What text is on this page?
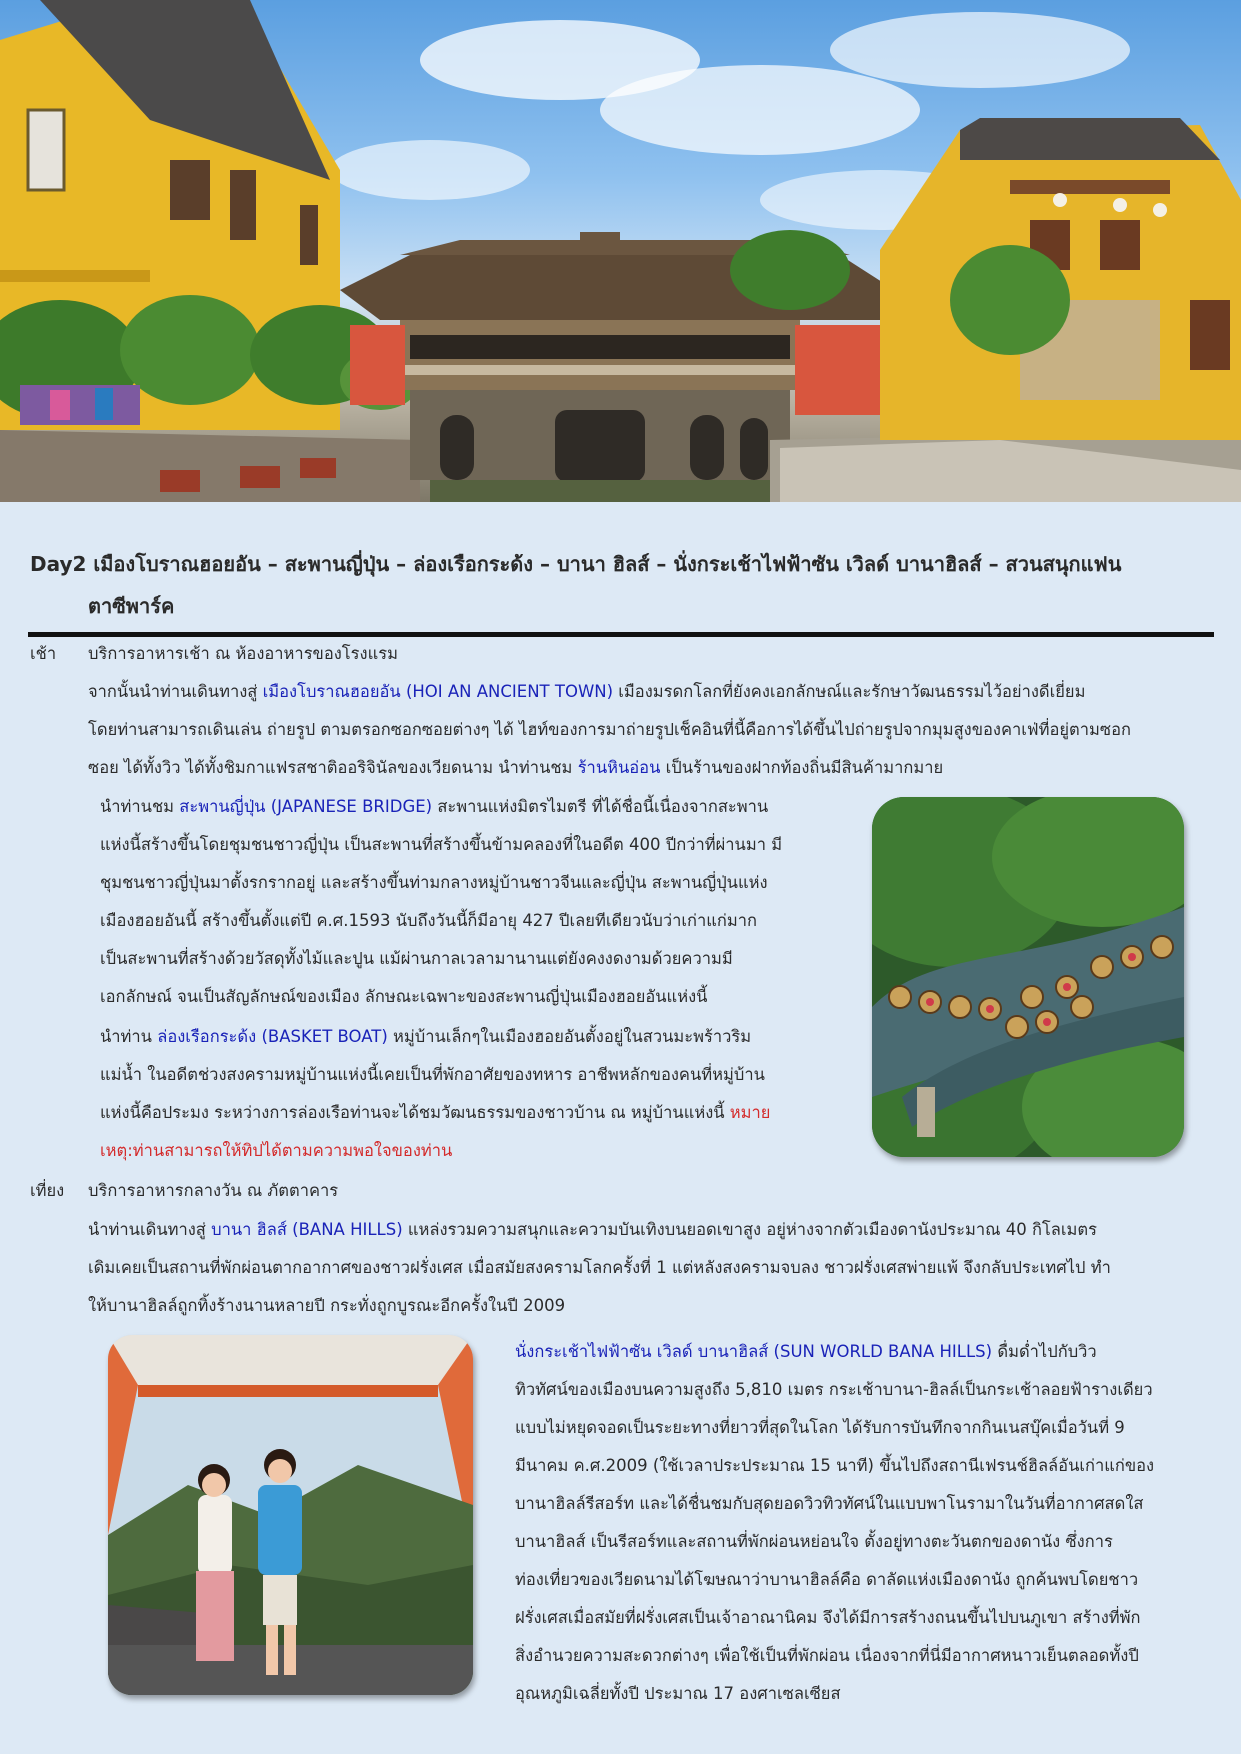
Day2 เมืองโบราณฮอยอัน – สะพานญี่ปุ่น – ล่องเรือกระด้ง – บานา ฮิลส์ – นั่งกระเช้าไฟฟ้าซัน เวิลด์ บานาฮิลส์ – สวนสนุกแฟน
ตาซีพาร์ค
เช้า บริการอาหารเช้า ณ ห้องอาหารของโรงแรม
จากนั้นนำท่านเดินทางสู่ เมืองโบราณฮอยอัน (HOI AN ANCIENT TOWN) เมืองมรดกโลกที่ยังคงเอกลักษณ์และรักษาวัฒนธรรมไว้อย่างดีเยี่ยม
โดยท่านสามารถเดินเล่น ถ่ายรูป ตามตรอกซอกซอยต่างๆ ได้ ไฮท์ของการมาถ่ายรูปเช็คอินที่นี้คือการได้ขึ้นไปถ่ายรูปจากมุมสูงของคาเฟ่ที่อยู่ตามซอก
ซอย ได้ทั้งวิว ได้ทั้งชิมกาแฟรสชาติออริจินัลของเวียดนาม นำท่านชม ร้านหินอ่อน เป็นร้านของฝากท้องถิ่นมีสินค้ามากมาย
นำท่านชม สะพานญี่ปุ่น (JAPANESE BRIDGE) สะพานแห่งมิตรไมตรี ที่ได้ชื่อนี้เนื่องจากสะพาน
แห่งนี้สร้างขึ้นโดยชุมชนชาวญี่ปุ่น เป็นสะพานที่สร้างขึ้นข้ามคลองที่ในอดีต 400 ปีกว่าที่ผ่านมา มี
ชุมชนชาวญี่ปุ่นมาตั้งรกรากอยู่ และสร้างขึ้นท่ามกลางหมู่บ้านชาวจีนและญี่ปุ่น สะพานญี่ปุ่นแห่ง
เมืองฮอยอันนี้ สร้างขึ้นตั้งแต่ปี ค.ศ.1593 นับถึงวันนี้ก็มีอายุ 427 ปีเลยทีเดียวนับว่าเก่าแก่มาก
เป็นสะพานที่สร้างด้วยวัสดุทั้งไม้และปูน แม้ผ่านกาลเวลามานานแต่ยังคงงดงามด้วยความมี
เอกลักษณ์ จนเป็นสัญลักษณ์ของเมือง ลักษณะเฉพาะของสะพานญี่ปุ่นเมืองฮอยอันแห่งนี้
นำท่าน ล่องเรือกระด้ง (BASKET BOAT) หมู่บ้านเล็กๆในเมืองฮอยอันตั้งอยู่ในสวนมะพร้าวริม
แม่น้ำ ในอดีตช่วงสงครามหมู่บ้านแห่งนี้เคยเป็นที่พักอาศัยของทหาร อาชีพหลักของคนที่หมู่บ้าน
แห่งนี้คือประมง ระหว่างการล่องเรือท่านจะได้ชมวัฒนธรรมของชาวบ้าน ณ หมู่บ้านแห่งนี้ หมาย
เหตุ:ท่านสามารถให้ทิปได้ตามความพอใจของท่าน
เที่ยง บริการอาหารกลางวัน ณ ภัตตาคาร
นำท่านเดินทางสู่ บานา ฮิลส์ (BANA HILLS) แหล่งรวมความสนุกและความบันเทิงบนยอดเขาสูง อยู่ห่างจากตัวเมืองดานังประมาณ 40 กิโลเมตร
เดิมเคยเป็นสถานที่พักผ่อนตากอากาศของชาวฝรั่งเศส เมื่อสมัยสงครามโลกครั้งที่ 1 แต่หลังสงครามจบลง ชาวฝรั่งเศสพ่ายแพ้ จึงกลับประเทศไป ทำ
ให้บานาฮิลล์ถูกทิ้งร้างนานหลายปี กระทั่งถูกบูรณะอีกครั้งในปี 2009
นั่งกระเช้าไฟฟ้าซัน เวิลด์ บานาฮิลส์ (SUN WORLD BANA HILLS) ดื่มด่ำไปกับวิว
ทิวทัศน์ของเมืองบนความสูงถึง 5,810 เมตร กระเช้าบานา-ฮิลล์เป็นกระเช้าลอยฟ้ารางเดียว
แบบไม่หยุดจอดเป็นระยะทางที่ยาวที่สุดในโลก ได้รับการบันทึกจากกินเนสบุ๊คเมื่อวันที่ 9
มีนาคม ค.ศ.2009 (ใช้เวลาประประมาณ 15 นาที) ขึ้นไปถึงสถานีเฟรนช์ฮิลล์อันเก่าแก่ของ
บานาฮิลล์รีสอร์ท และได้ชื่นชมกับสุดยอดวิวทิวทัศน์ในแบบพาโนรามาในวันที่อากาศสดใส
บานาฮิลส์ เป็นรีสอร์ทและสถานที่พักผ่อนหย่อนใจ ตั้งอยู่ทางตะวันตกของดานัง ซึ่งการ
ท่องเที่ยวของเวียดนามได้โฆษณาว่าบานาฮิลล์คือ ดาลัดแห่งเมืองดานัง ถูกค้นพบโดยชาว
ฝรั่งเศสเมื่อสมัยที่ฝรั่งเศสเป็นเจ้าอาณานิคม จึงได้มีการสร้างถนนขึ้นไปบนภูเขา สร้างที่พัก
สิ่งอำนวยความสะดวกต่างๆ เพื่อใช้เป็นที่พักผ่อน เนื่องจากที่นี่มีอากาศหนาวเย็นตลอดทั้งปี
อุณหภูมิเฉลี่ยทั้งปี ประมาณ 17 องศาเซลเซียส
